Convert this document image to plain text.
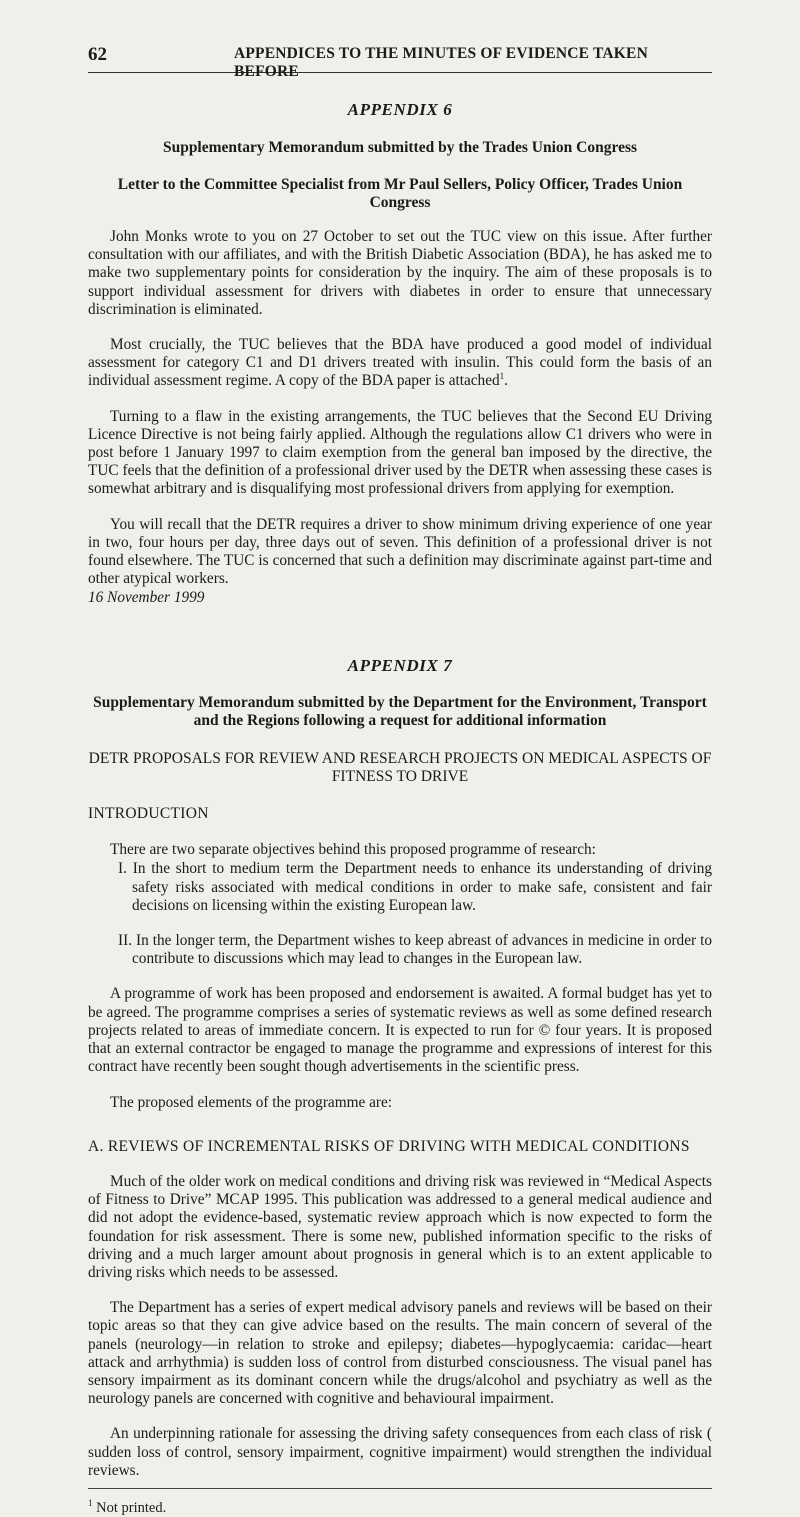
62	APPENDICES TO THE MINUTES OF EVIDENCE TAKEN BEFORE
APPENDIX 6
Supplementary Memorandum submitted by the Trades Union Congress
Letter to the Committee Specialist from Mr Paul Sellers, Policy Officer, Trades Union Congress

John Monks wrote to you on 27 October to set out the TUC view on this issue. After further consultation with our affiliates, and with the British Diabetic Association (BDA), he has asked me to make two supplementary points for consideration by the inquiry. The aim of these proposals is to support individual assessment for drivers with diabetes in order to ensure that unnecessary discrimination is eliminated.

Most crucially, the TUC believes that the BDA have produced a good model of individual assessment for category C1 and D1 drivers treated with insulin. This could form the basis of an individual assessment regime. A copy of the BDA paper is attached$^1$.

Turning to a flaw in the existing arrangements, the TUC believes that the Second EU Driving Licence Directive is not being fairly applied. Although the regulations allow C1 drivers who were in post before 1 January 1997 to claim exemption from the general ban imposed by the directive, the TUC feels that the definition of a professional driver used by the DETR when assessing these cases is somewhat arbitrary and is disqualifying most professional drivers from applying for exemption.

You will recall that the DETR requires a driver to show minimum driving experience of one year in two, four hours per day, three days out of seven. This definition of a professional driver is not found elsewhere. The TUC is concerned that such a definition may discriminate against part-time and other atypical workers.

16 November 1999

APPENDIX 7
Supplementary Memorandum submitted by the Department for the Environment, Transport and the Regions following a request for additional information
DETR PROPOSALS FOR REVIEW AND RESEARCH PROJECTS ON MEDICAL ASPECTS OF FITNESS TO DRIVE

INTRODUCTION

There are two separate objectives behind this proposed programme of research:

I. In the short to medium term the Department needs to enhance its understanding of driving safety risks associated with medical conditions in order to make safe, consistent and fair decisions on licensing within the existing European law.
II. In the longer term, the Department wishes to keep abreast of advances in medicine in order to contribute to discussions which may lead to changes in the European law.

A programme of work has been proposed and endorsement is awaited. A formal budget has yet to be agreed. The programme comprises a series of systematic reviews as well as some defined research projects related to areas of immediate concern. It is expected to run for © four years. It is proposed that an external contractor be engaged to manage the programme and expressions of interest for this contract have recently been sought though advertisements in the scientific press.

The proposed elements of the programme are:

A. REVIEWS OF INCREMENTAL RISKS OF DRIVING WITH MEDICAL CONDITIONS

Much of the older work on medical conditions and driving risk was reviewed in “Medical Aspects of Fitness to Drive” MCAP 1995. This publication was addressed to a general medical audience and did not adopt the evidence-based, systematic review approach which is now expected to form the foundation for risk assessment. There is some new, published information specific to the risks of driving and a much larger amount about prognosis in general which is to an extent applicable to driving risks which needs to be assessed.

The Department has a series of expert medical advisory panels and reviews will be based on their topic areas so that they can give advice based on the results. The main concern of several of the panels (neurology—in relation to stroke and epilepsy; diabetes—hypoglycaemia: caridac—heart attack and arrhythmia) is sudden loss of control from disturbed consciousness. The visual panel has sensory impairment as its dominant concern while the drugs/alcohol and psychiatry as well as the neurology panels are concerned with cognitive and behavioural impairment.

An underpinning rationale for assessing the driving safety consequences from each class of risk ( sudden loss of control, sensory impairment, cognitive impairment) would strengthen the individual reviews.

$^1$ Not printed.
